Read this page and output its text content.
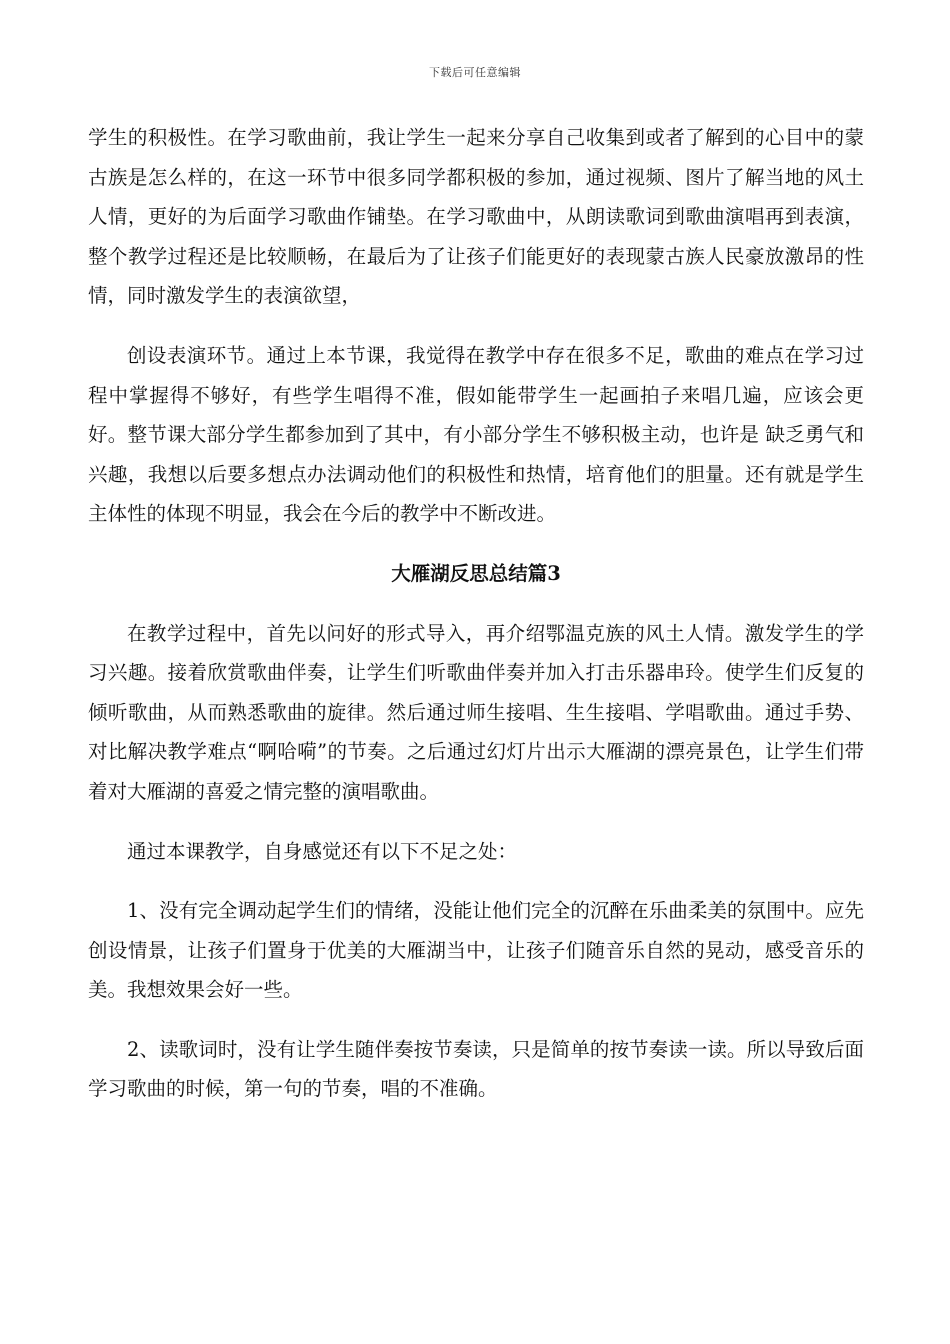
下载后可任意编辑

学生的积极性。在学习歌曲前，我让学生一起来分享自己收集到或者了解到的心目中的蒙古族是怎么样的，在这一环节中很多同学都积极的参加，通过视频、图片了解当地的风土人情，更好的为后面学习歌曲作铺垫。在学习歌曲中，从朗读歌词到歌曲演唱再到表演，整个教学过程还是比较顺畅，在最后为了让孩子们能更好的表现蒙古族人民豪放激昂的性情，同时激发学生的表演欲望，

创设表演环节。通过上本节课，我觉得在教学中存在很多不足，歌曲的难点在学习过程中掌握得不够好，有些学生唱得不准，假如能带学生一起画拍子来唱几遍，应该会更好。整节课大部分学生都参加到了其中，有小部分学生不够积极主动，也许是 缺乏勇气和兴趣，我想以后要多想点办法调动他们的积极性和热情，培育他们的胆量。还有就是学生主体性的体现不明显，我会在今后的教学中不断改进。

大雁湖反思总结篇3

在教学过程中，首先以问好的形式导入，再介绍鄂温克族的风土人情。激发学生的学习兴趣。接着欣赏歌曲伴奏，让学生们听歌曲伴奏并加入打击乐器串玲。使学生们反复的倾听歌曲，从而熟悉歌曲的旋律。然后通过师生接唱、生生接唱、学唱歌曲。通过手势、对比解决教学难点“啊哈嗬”的节奏。之后通过幻灯片出示大雁湖的漂亮景色，让学生们带着对大雁湖的喜爱之情完整的演唱歌曲。

通过本课教学，自身感觉还有以下不足之处：

1、没有完全调动起学生们的情绪，没能让他们完全的沉醉在乐曲柔美的氛围中。应先创设情景，让孩子们置身于优美的大雁湖当中，让孩子们随音乐自然的晃动，感受音乐的美。我想效果会好一些。

2、读歌词时，没有让学生随伴奏按节奏读，只是简单的按节奏读一读。所以导致后面学习歌曲的时候，第一句的节奏，唱的不准确。
